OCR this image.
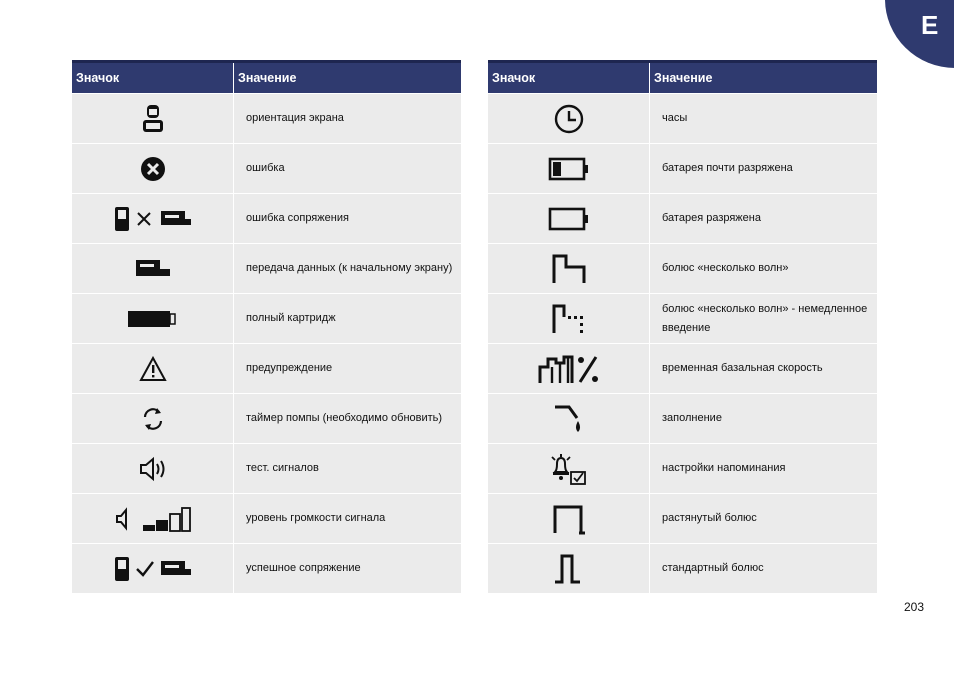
E
Значок	Значение
ориентация экрана
ошибка
ошибка сопряжения
передача данных (к начальному экрану)
полный картридж
предупреждение
таймер помпы (необходимо обновить)
тест. сигналов
уровень громкости сигнала
успешное сопряжение
Значок	Значение
часы
батарея почти разряжена
батарея разряжена
болюс «несколько волн»
болюс «несколько волн» - немедленное введение
временная базальная скорость
заполнение
настройки напоминания
растянутый болюс
стандартный болюс
203
